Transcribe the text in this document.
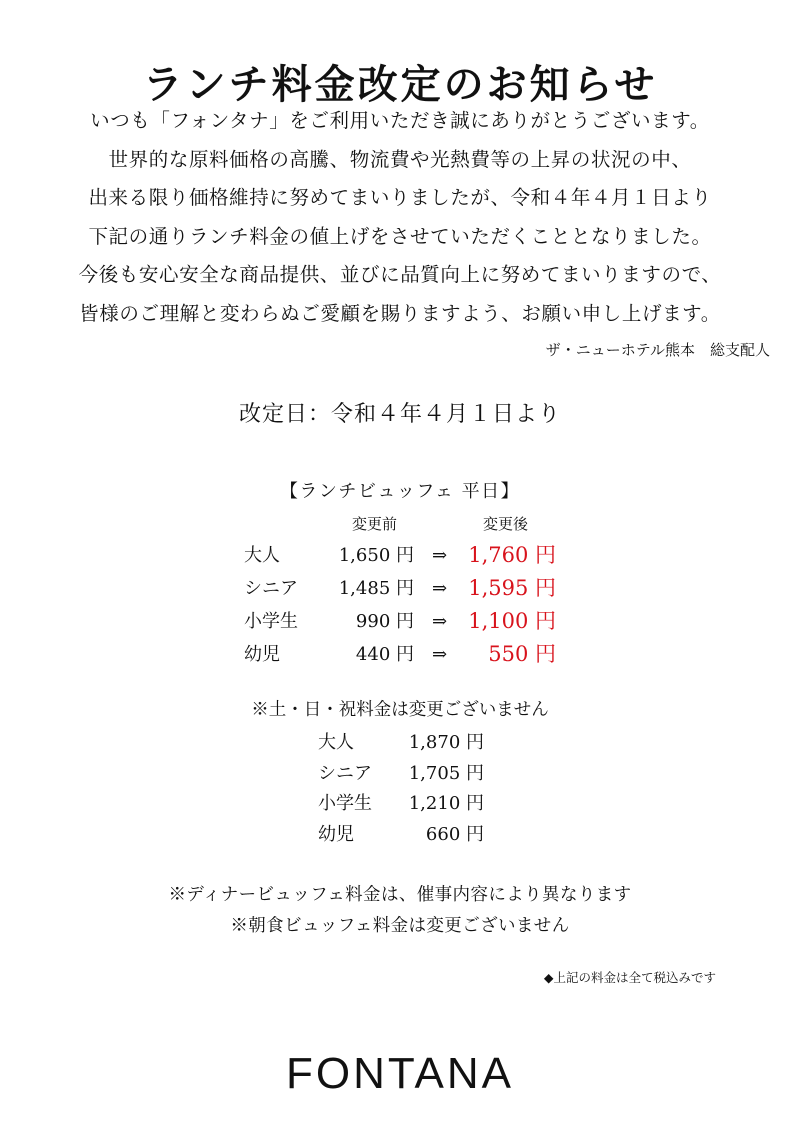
ランチ料金改定のお知らせ
いつも「フォンタナ」をご利用いただき誠にありがとうございます。
世界的な原料価格の高騰、物流費や光熱費等の上昇の状況の中、
出来る限り価格維持に努めてまいりましたが、令和４年４月１日より
下記の通りランチ料金の値上げをさせていただくこととなりました。
今後も安心安全な商品提供、並びに品質向上に努めてまいりますので、
皆様のご理解と変わらぬご愛顧を賜りますよう、お願い申し上げます。
ザ・ニューホテル熊本　総支配人
改定日：令和４年４月１日より
【ランチビュッフェ 平日】
変更前	変更後
大人	1,650 円 ⇒ 1,760 円
シニア 1,485 円 ⇒ 1,595 円
小学生	990 円 ⇒ 1,100 円
幼児	440 円 ⇒ 550 円
※土・日・祝料金は変更ございません
大人	1,870 円
シニア 1,705 円
小学生 1,210 円
幼児	660 円
※ディナービュッフェ料金は、催事内容により異なります
※朝食ビュッフェ料金は変更ございません
◆上記の料金は全て税込みです
FONTANA
